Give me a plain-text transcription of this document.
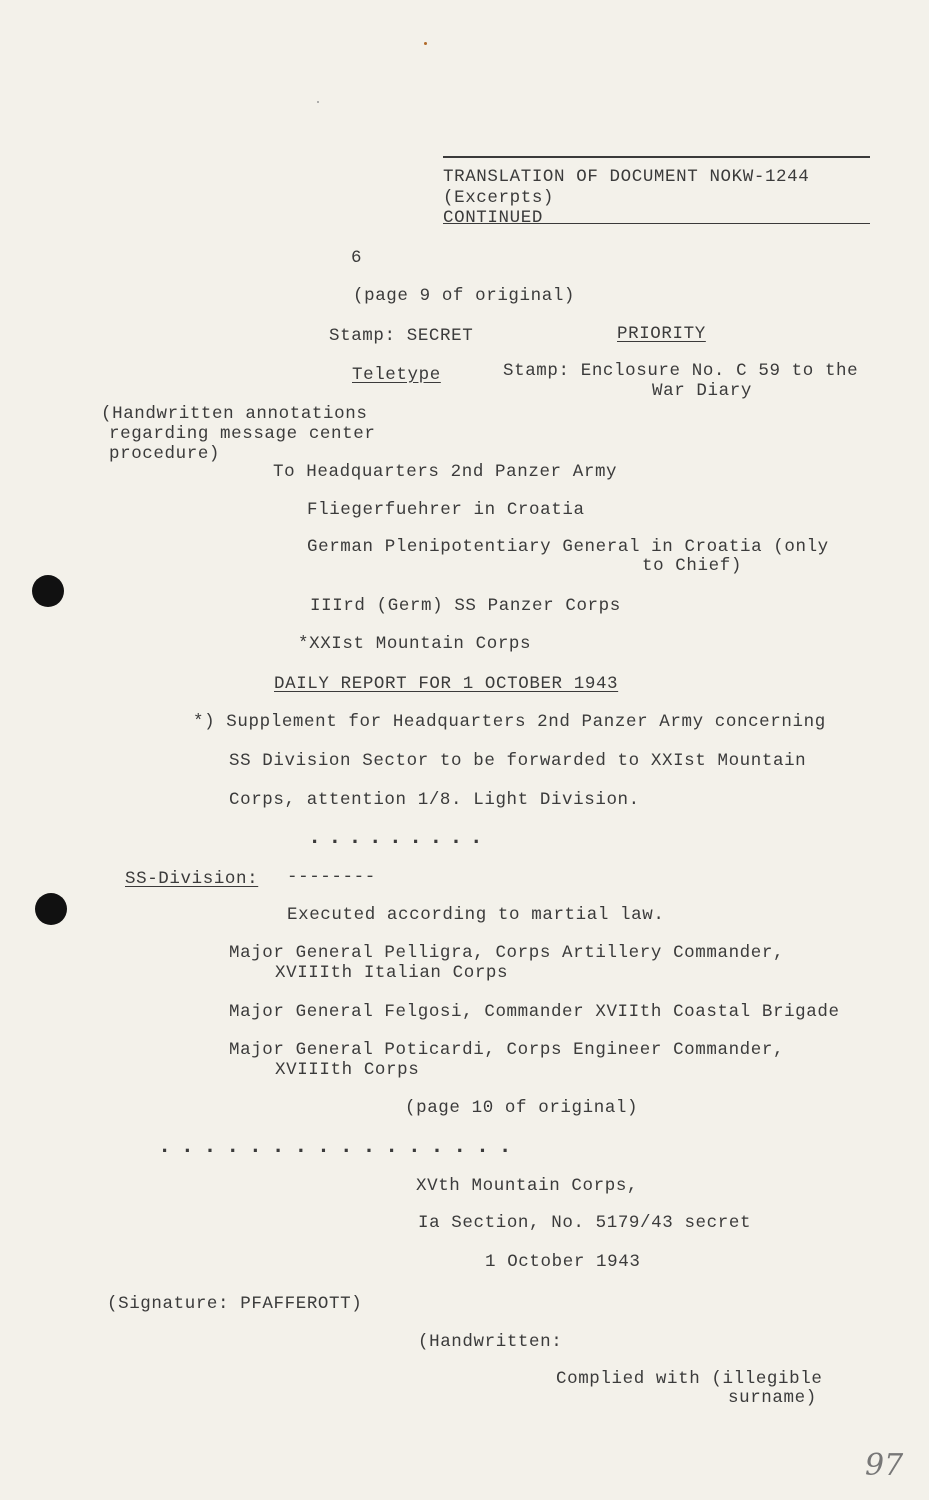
TRANSLATION OF DOCUMENT NOKW-1244
(Excerpts)
CONTINUED
6
(page 9 of original)
Stamp: SECRET	PRIORITY
Teletype	Stamp: Enclosure No. C 59 to the
War Diary
(Handwritten annotations
regarding message center
procedure)
To Headquarters 2nd Panzer Army
Fliegerfuehrer in Croatia
German Plenipotentiary General in Croatia (only
to Chief)
IIIrd (Germ) SS Panzer Corps
*XXIst Mountain Corps
DAILY REPORT FOR 1 OCTOBER 1943
*) Supplement for Headquarters 2nd Panzer Army concerning
SS Division Sector to be forwarded to XXIst Mountain
Corps, attention 1/8. Light Division.
.........
SS-Division: --------
Executed according to martial law.
Major General Pelligra, Corps Artillery Commander,
XVIIIth Italian Corps
Major General Felgosi, Commander XVIIth Coastal Brigade
Major General Poticardi, Corps Engineer Commander,
XVIIIth Corps
(page 10 of original)
................
XVth Mountain Corps,
Ia Section, No. 5179/43 secret
1 October 1943
(Signature: PFAFFEROTT)
(Handwritten:
Complied with (illegible
surname)
97
